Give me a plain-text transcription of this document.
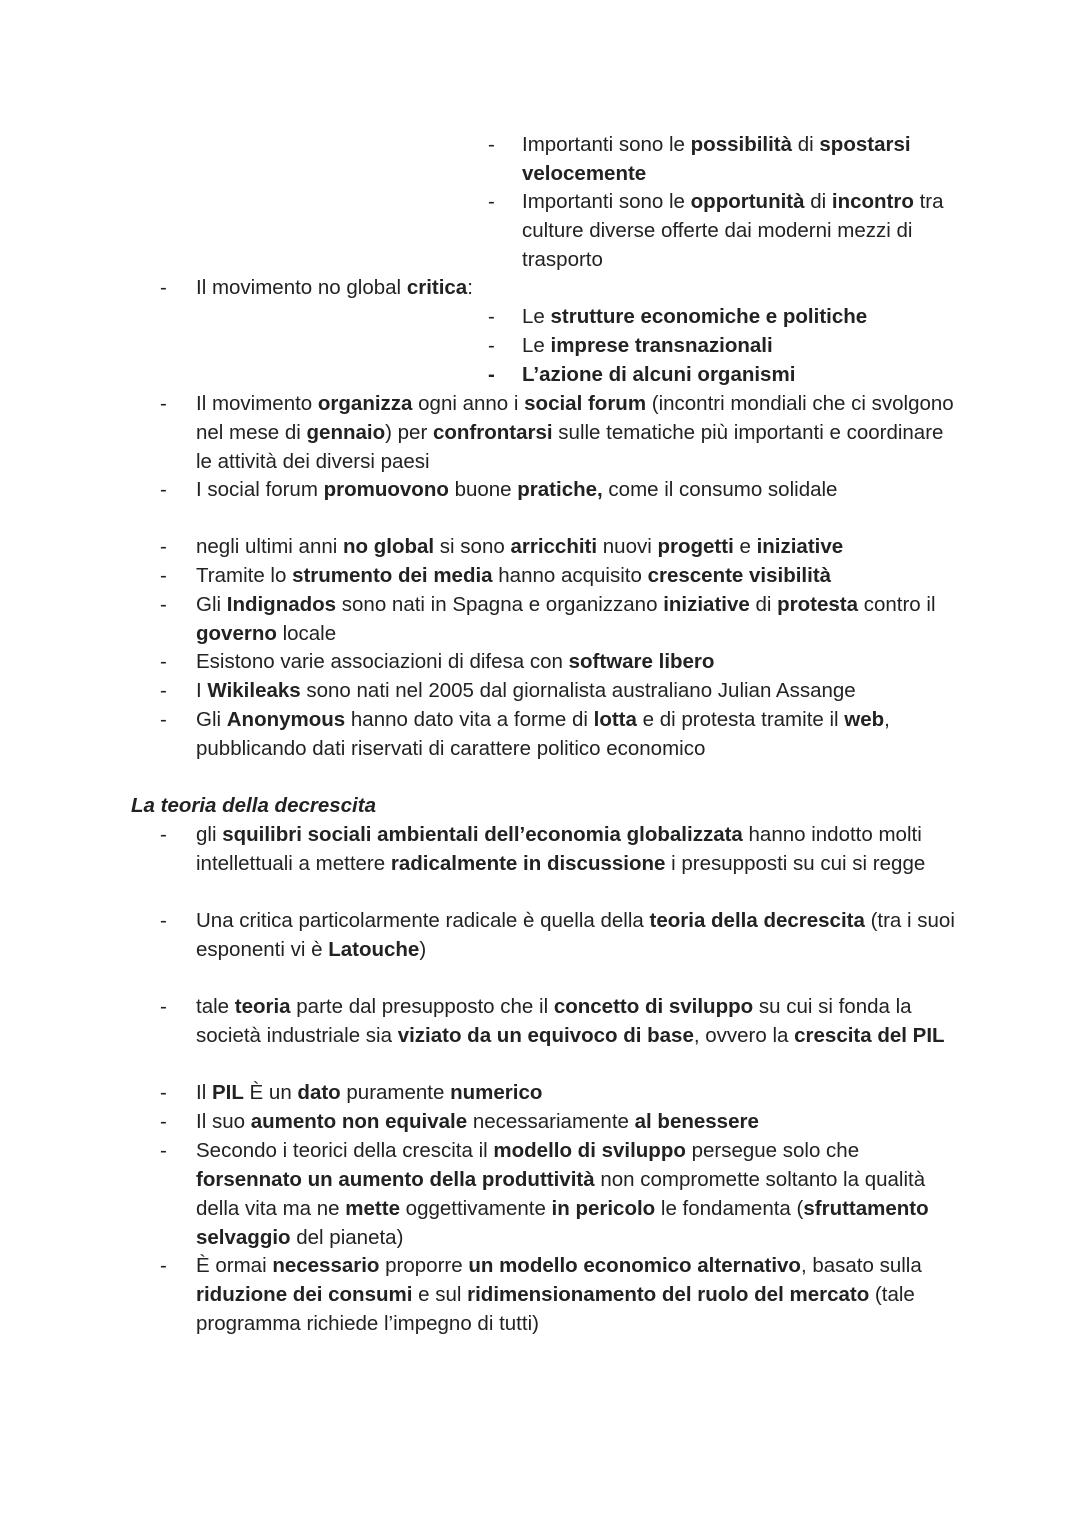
-	Importanti sono le possibilità di spostarsi velocemente
-	Importanti sono le opportunità di incontro tra culture diverse offerte dai moderni mezzi di trasporto
-	Il movimento no global critica:
-	Le strutture economiche e politiche
-	Le imprese transnazionali
-	L’azione di alcuni organismi
-	Il movimento organizza ogni anno i social forum (incontri mondiali che ci svolgono nel mese di gennaio) per confrontarsi sulle tematiche più importanti e coordinare le attività dei diversi paesi
-	I social forum promuovono buone pratiche, come il consumo solidale
-	negli ultimi anni no global si sono arricchiti nuovi progetti e iniziative
-	Tramite lo strumento dei media hanno acquisito crescente visibilità
-	Gli Indignados sono nati in Spagna e organizzano iniziative di protesta contro il governo locale
-	Esistono varie associazioni di difesa con software libero
-	I Wikileaks sono nati nel 2005 dal giornalista australiano Julian Assange
-	Gli Anonymous hanno dato vita a forme di lotta e di protesta tramite il web, pubblicando dati riservati di carattere politico economico
La teoria della decrescita
-	gli squilibri sociali ambientali dell’economia globalizzata hanno indotto molti intellettuali a mettere radicalmente in discussione i presupposti su cui si regge
-	Una critica particolarmente radicale è quella della teoria della decrescita (tra i suoi esponenti vi è Latouche)
-	tale teoria parte dal presupposto che il concetto di sviluppo su cui si fonda la società industriale sia viziato da un equivoco di base, ovvero la crescita del PIL
-	Il PIL È un dato puramente numerico
-	Il suo aumento non equivale necessariamente al benessere
-	Secondo i teorici della crescita il modello di sviluppo persegue solo che forsennato un aumento della produttività non compromette soltanto la qualità della vita ma ne mette oggettivamente in pericolo le fondamenta (sfruttamento selvaggio del pianeta)
-	È ormai necessario proporre un modello economico alternativo, basato sulla riduzione dei consumi e sul ridimensionamento del ruolo del mercato (tale programma richiede l’impegno di tutti)
